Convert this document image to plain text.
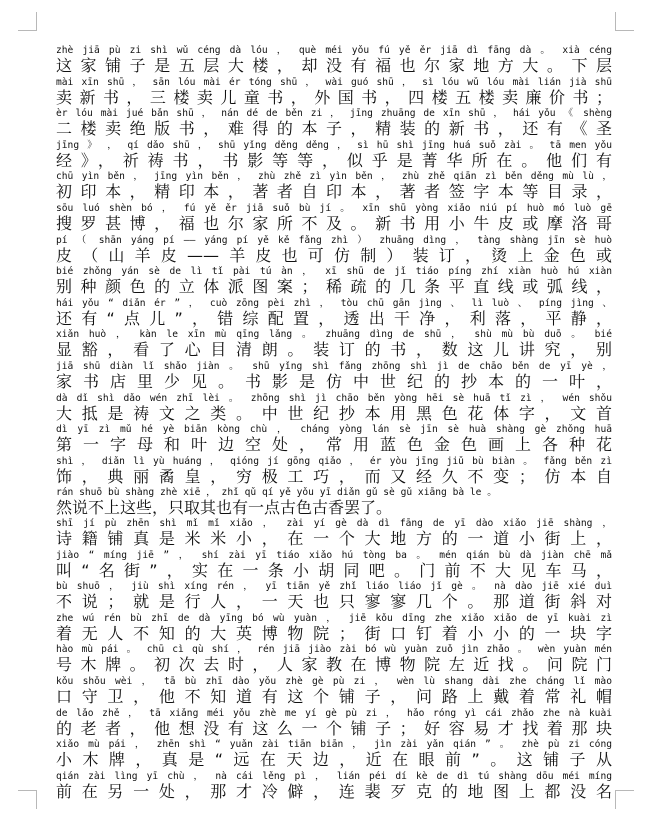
zhè jiā pù zi shì wǔ céng dà lóu ， què méi yǒu fú yě ěr jiā dì fāng dà 。 xià céng
这家铺子是五层大楼，却没有福也尔家地方大。下层
mài xīn shū ， sān lóu mài ér tóng shū ， wài guó shū ， sì lóu wǔ lóu mài lián jià shū
卖新书，三楼卖儿童书，外国书，四楼五楼卖廉价书；
èr lóu mài jué bǎn shū ， nán dé de běn zi ， jīng zhuāng de xīn shū ， hái yǒu 《 shèng
二楼卖绝版书，难得的本子，精装的新书，还有《圣
jīng 》 ， qí dǎo shū ， shū yǐng děng děng ， sì hū shì jīng huá suǒ zài 。 tā men yǒu
经》，祈祷书，书影等等，似乎是菁华所在。他们有
chū yìn běn ， jīng yìn běn ， zhù zhě zì yìn běn ， zhù zhě qiān zì běn děng mù lù ，
初印本，精印本，著者自印本，著者签字本等目录，
sōu luó shèn bó ， fú yě ěr jiā suǒ bù jí 。 xīn shū yòng xiǎo niú pí huò mó luò gē
搜罗甚博，福也尔家所不及。新书用小牛皮或摩洛哥
pí （ shān yáng pí —— yáng pí yě kě fǎng zhì ） zhuāng dìng ， tàng shàng jīn sè huò
皮（山羊皮——羊皮也可仿制）装订，烫上金色或
bié zhǒng yán sè de lì tǐ pài tú àn ， xī shū de jǐ tiáo píng zhí xiàn huò hú xiàn
别种颜色的立体派图案；稀疏的几条平直线或弧线，
hái yǒu “ diǎn ér ” ， cuò zōng pèi zhì ， tòu chū gān jìng 、 lì luò 、 píng jìng 、
还有“点儿”，错综配置，透出干净，利落，平静，
xiǎn huò ， kàn le xīn mù qīng lǎng 。 zhuāng dìng de shū ， shù mù bù duō 。 bié
显豁，看了心目清朗。装订的书，数这儿讲究，别
jiā shū diàn lǐ shǎo jiàn 。 shū yǐng shì fǎng zhōng shì jì de chāo běn de yī yè ，
家书店里少见。书影是仿中世纪的抄本的一叶，
dà dǐ shì dǎo wén zhī lèi 。 zhōng shì jì chāo běn yòng hēi sè huā tǐ zì ， wén shǒu
大抵是祷文之类。中世纪抄本用黑色花体字，文首
dì yī zì mǔ hé yè biān kòng chù ， cháng yòng lán sè jīn sè huà shàng gè zhǒng huā
第一字母和叶边空处，常用蓝色金色画上各种花
shì ， diǎn lì yù huáng ， qióng jí gōng qiǎo ， ér yòu jīng jiǔ bù biàn 。 fǎng běn zì
饰，典丽矞皇，穷极工巧，而又经久不变；仿本自
rán shuō bù shàng zhè xiē ， zhǐ qǔ qí yě yǒu yī diǎn gǔ sè gǔ xiāng bà le 。
然说不上这些，只取其也有一点古色古香罢了。
shī jí pù zhēn shì mǐ mǐ xiǎo ， zài yí gè dà dì fāng de yī dào xiǎo jiē shàng ，
诗籍铺真是米米小，在一个大地方的一道小街上，
jiào “ míng jiē ” ， shí zài yī tiáo xiǎo hú tòng ba 。 mén qián bù dà jiàn chē mǎ
叫“名街”，实在一条小胡同吧。门前不大见车马，
bù shuō ， jiù shì xíng rén ， yī tiān yě zhǐ liáo liáo jǐ gè 。 nà dào jiē xié duì
不说；就是行人，一天也只寥寥几个。那道街斜对
zhe wú rén bù zhī de dà yīng bó wù yuàn ， jiē kǒu dīng zhe xiǎo xiǎo de yī kuài zì
着无人不知的大英博物院；街口钉着小小的一块字
hào mù pái 。 chū cì qù shí ， rén jiā jiào zài bó wù yuàn zuǒ jìn zhǎo 。 wèn yuàn mén
号木牌。初次去时，人家教在博物院左近找。问院门
kǒu shǒu wèi ， tā bù zhī dào yǒu zhè gè pù zi ， wèn lù shang dài zhe cháng lǐ mào
口守卫，他不知道有这个铺子，问路上戴着常礼帽
de lǎo zhě ， tā xiǎng méi yǒu zhè me yí gè pù zi ， hǎo róng yì cái zhǎo zhe nà kuài
的老者，他想没有这么一个铺子；好容易才找着那块
xiǎo mù pái ， zhēn shì “ yuǎn zài tiān biān ， jìn zài yǎn qián ” 。 zhè pù zi cóng
小木牌，真是“远在天边，近在眼前”。这铺子从
qián zài lìng yī chù ， nà cái lěng pì ， lián péi dí kè de dì tú shàng dōu méi míng
前在另一处，那才冷僻，连裴歹克的地图上都没名
